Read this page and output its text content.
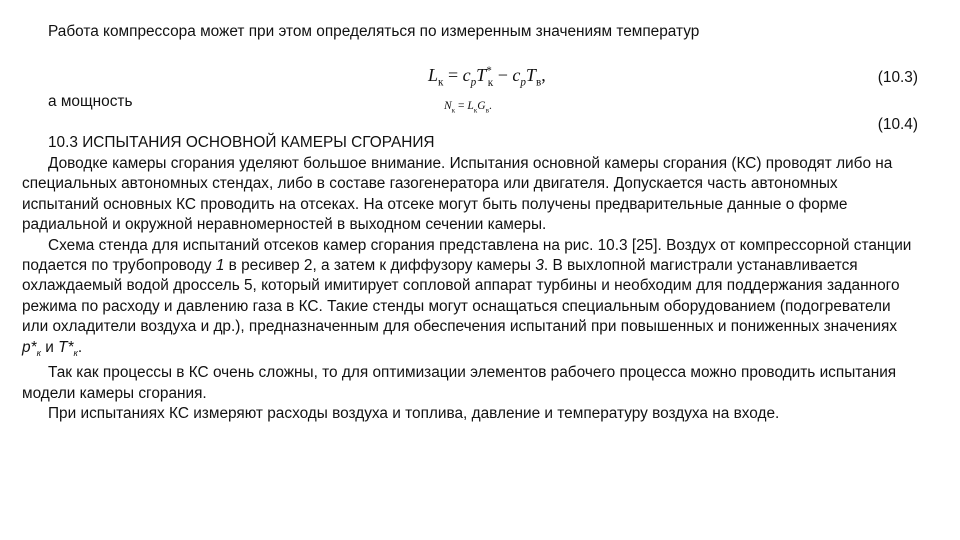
Работа компрессора может при этом определяться по измеренным значениям температур
$L_к = c_pT^*_к - c_pT_в$,	(10.3)
а мощность	$N_к = L_кG_в$.
(10.4)
10.3 ИСПЫТАНИЯ ОСНОВНОЙ КАМЕРЫ СГОРАНИЯ

Доводке камеры сгорания уделяют большое внимание. Испытания основной камеры сгорания (КС) проводят либо на специальных автономных стендах, либо в составе газогенератора или двигателя. Допускается часть автономных испытаний основных КС проводить на отсеках. На отсеке могут быть получены предварительные данные о форме радиальной и окружной неравномерностей в выходном сечении камеры.

Схема стенда для испытаний отсеков камер сгорания представлена на рис. 10.3 [25]. Воздух от компрессорной станции подается по трубопроводу 1 в ресивер 2, а затем к диффузору камеры 3. В выхлопной магистрали устанавливается охлаждаемый водой дроссель 5, который имитирует сопловой аппарат турбины и необходим для поддержания заданного режима по расходу и давлению газа в КС. Такие стенды могут оснащаться специальным оборудованием (подогреватели или охладители воздуха и др.), предназначенным для обеспечения испытаний при повышенных и пониженных значениях $p*_к$ и $T*_к$.

Так как процессы в КС очень сложны, то для оптимизации элементов рабочего процесса можно проводить испытания модели камеры сгорания.

При испытаниях КС измеряют расходы воздуха и топлива, давление и температуру воздуха на входе.
